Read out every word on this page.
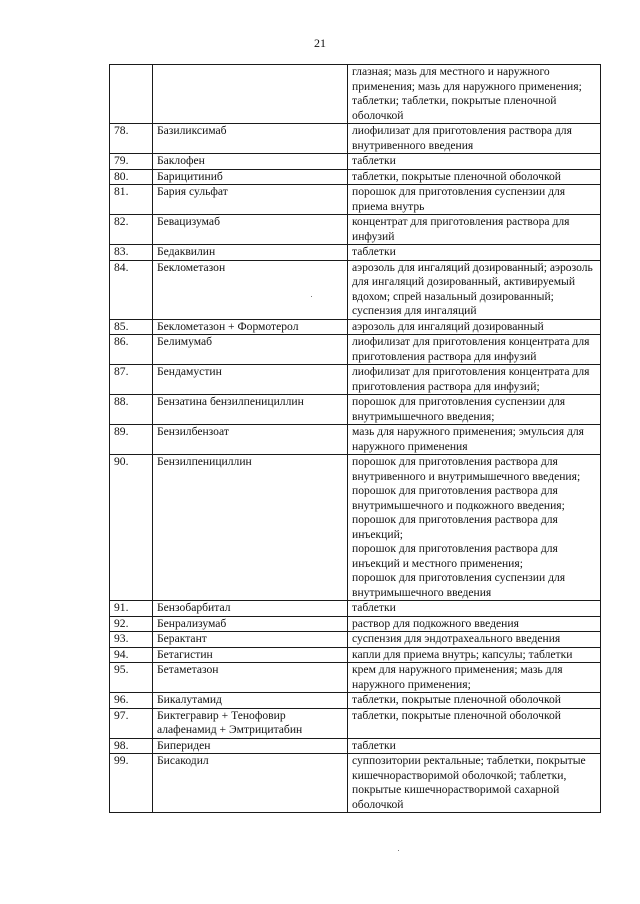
21
		глазная; мазь для местного и наружного применения; мазь для наружного применения; таблетки; таблетки, покрытые пленочной оболочкой
78.	Базиликсимаб	лиофилизат для приготовления раствора для внутривенного введения
79.	Баклофен	таблетки
80.	Барицитиниб	таблетки, покрытые пленочной оболочкой
81.	Бария сульфат	порошок для приготовления суспензии для приема внутрь
82.	Бевацизумаб	концентрат для приготовления раствора для инфузий
83.	Бедаквилин	таблетки
84.	Беклометазон	аэрозоль для ингаляций дозированный; аэрозоль для ингаляций дозированный, активируемый вдохом; спрей назальный дозированный; суспензия для ингаляций
85.	Беклометазон + Формотерол	аэрозоль для ингаляций дозированный
86.	Белимумаб	лиофилизат для приготовления концентрата для приготовления раствора для инфузий
87.	Бендамустин	лиофилизат для приготовления концентрата для приготовления раствора для инфузий;
88.	Бензатина бензилпенициллин	порошок для приготовления суспензии для внутримышечного введения;
89.	Бензилбензоат	мазь для наружного применения; эмульсия для наружного применения
90.	Бензилпенициллин	порошок для приготовления раствора для внутривенного и внутримышечного введения;
порошок для приготовления раствора для внутримышечного и подкожного введения;
порошок для приготовления раствора для инъекций;
порошок для приготовления раствора для инъекций и местного применения;
порошок для приготовления суспензии для внутримышечного введения
91.	Бензобарбитал	таблетки
92.	Бенрализумаб	раствор для подкожного введения
93.	Берактант	суспензия для эндотрахеального введения
94.	Бетагистин	капли для приема внутрь; капсулы; таблетки
95.	Бетаметазон	крем для наружного применения; мазь для наружного применения;
96.	Бикалутамид	таблетки, покрытые пленочной оболочкой
97.	Биктегравир + Тенофовир алафенамид + Эмтрицитабин	таблетки, покрытые пленочной оболочкой
98.	Бипериден	таблетки
99.	Бисакодил	суппозитории ректальные; таблетки, покрытые кишечнорастворимой оболочкой; таблетки, покрытые кишечнорастворимой сахарной оболочкой
